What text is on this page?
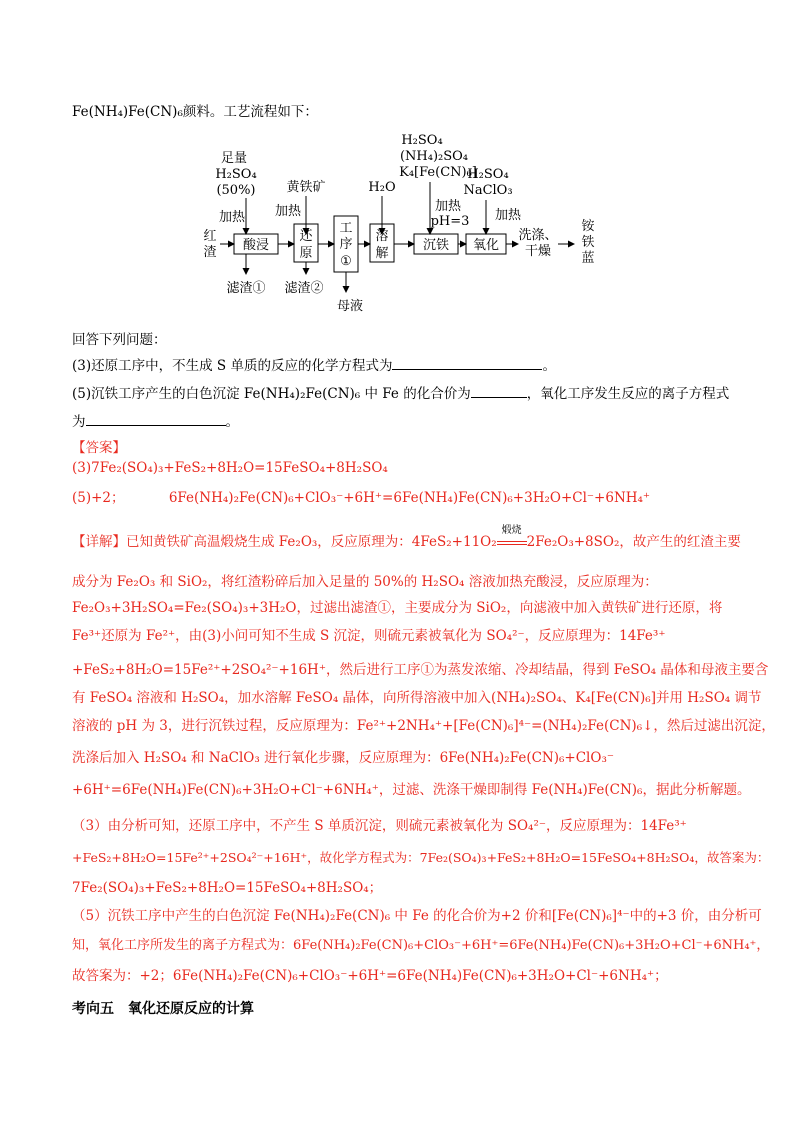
Fe(NH₄)Fe(CN)₆颜料。工艺流程如下：
足量
H₂SO₄
(50%) 黄铁矿	H₂O
H₂SO₄
(NH₄)₂SO₄
K₄[Fe(CN)₆]
H₂SO₄
NaClO₃
加热 加热	加热
pH=3 加热
红
渣 酸浸
还
原
工
序
①
溶
解
沉铁 氧化
洗涤、
干燥
铵
铁
蓝
滤渣① 滤渣②
母液
回答下列问题：
(3)还原工序中，不生成 S 单质的反应的化学方程式为	。
(5)沉铁工序产生的白色沉淀 Fe(NH₄)₂Fe(CN)₆ 中 Fe 的化合价为	，氧化工序发生反应的离子方程式
为	。
【答案】
(3)7Fe₂(SO₄)₃+FeS₂+8H₂O=15FeSO₄+8H₂SO₄
(5)+2；	6Fe(NH₄)₂Fe(CN)₆+ClO₃⁻+6H⁺=6Fe(NH₄)Fe(CN)₆+3H₂O+Cl⁻+6NH₄⁺
【详解】已知黄铁矿高温煅烧生成 Fe₂O₃，反应原理为：4FeS₂+11O₂
煅烧
2Fe₂O₃+8SO₂，故产生的红渣主要
成分为 Fe₂O₃ 和 SiO₂，将红渣粉碎后加入足量的 50%的 H₂SO₄ 溶液加热充酸浸，反应原理为：
Fe₂O₃+3H₂SO₄=Fe₂(SO₄)₃+3H₂O，过滤出滤渣①，主要成分为 SiO₂，向滤液中加入黄铁矿进行还原，将
Fe³⁺还原为 Fe²⁺，由(3)小问可知不生成 S 沉淀，则硫元素被氧化为 SO₄²⁻，反应原理为：14Fe³⁺
+FeS₂+8H₂O=15Fe²⁺+2SO₄²⁻+16H⁺，然后进行工序①为蒸发浓缩、冷却结晶，得到 FeSO₄ 晶体和母液主要含
有 FeSO₄ 溶液和 H₂SO₄，加水溶解 FeSO₄ 晶体，向所得溶液中加入(NH₄)₂SO₄、K₄[Fe(CN)₆]并用 H₂SO₄ 调节
溶液的 pH 为 3，进行沉铁过程，反应原理为：Fe²⁺+2NH₄⁺+[Fe(CN)₆]⁴⁻=(NH₄)₂Fe(CN)₆↓，然后过滤出沉淀，
洗涤后加入 H₂SO₄ 和 NaClO₃ 进行氧化步骤，反应原理为：6Fe(NH₄)₂Fe(CN)₆+ClO₃⁻
+6H⁺=6Fe(NH₄)Fe(CN)₆+3H₂O+Cl⁻+6NH₄⁺，过滤、洗涤干燥即制得 Fe(NH₄)Fe(CN)₆，据此分析解题。
（3）由分析可知，还原工序中，不产生 S 单质沉淀，则硫元素被氧化为 SO₄²⁻，反应原理为：14Fe³⁺
+FeS₂+8H₂O=15Fe²⁺+2SO₄²⁻+16H⁺，故化学方程式为：7Fe₂(SO₄)₃+FeS₂+8H₂O=15FeSO₄+8H₂SO₄，故答案为：
7Fe₂(SO₄)₃+FeS₂+8H₂O=15FeSO₄+8H₂SO₄；
（5）沉铁工序中产生的白色沉淀 Fe(NH₄)₂Fe(CN)₆ 中 Fe 的化合价为+2 价和[Fe(CN)₆]⁴⁻中的+3 价，由分析可
知，氧化工序所发生的离子方程式为：6Fe(NH₄)₂Fe(CN)₆+ClO₃⁻+6H⁺=6Fe(NH₄)Fe(CN)₆+3H₂O+Cl⁻+6NH₄⁺，
故答案为：+2；6Fe(NH₄)₂Fe(CN)₆+ClO₃⁻+6H⁺=6Fe(NH₄)Fe(CN)₆+3H₂O+Cl⁻+6NH₄⁺；
考向五　氧化还原反应的计算
